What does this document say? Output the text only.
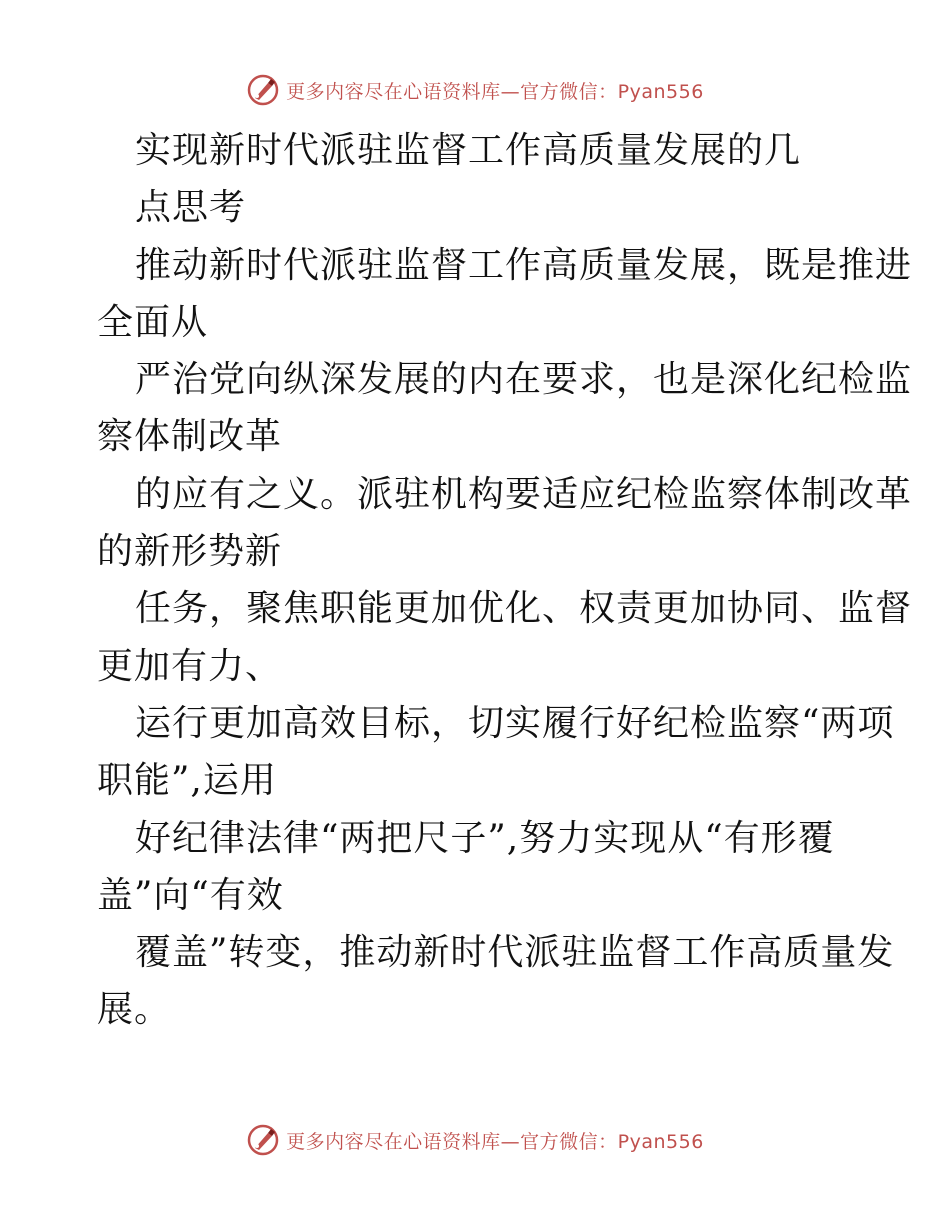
更多内容尽在心语资料库—官方微信：Pyan556
实现新时代派驻监督工作高质量发展的几
点思考
推动新时代派驻监督工作高质量发展，既是推进
全面从
严治党向纵深发展的内在要求，也是深化纪检监
察体制改革
的应有之义。派驻机构要适应纪检监察体制改革
的新形势新
任务，聚焦职能更加优化、权责更加协同、监督
更加有力、
运行更加高效目标，切实履行好纪检监察“两项
职能”,运用
好纪律法律“两把尺子”,努力实现从“有形覆
盖”向“有效
覆盖”转变，推动新时代派驻监督工作高质量发
展。
更多内容尽在心语资料库—官方微信：Pyan556
